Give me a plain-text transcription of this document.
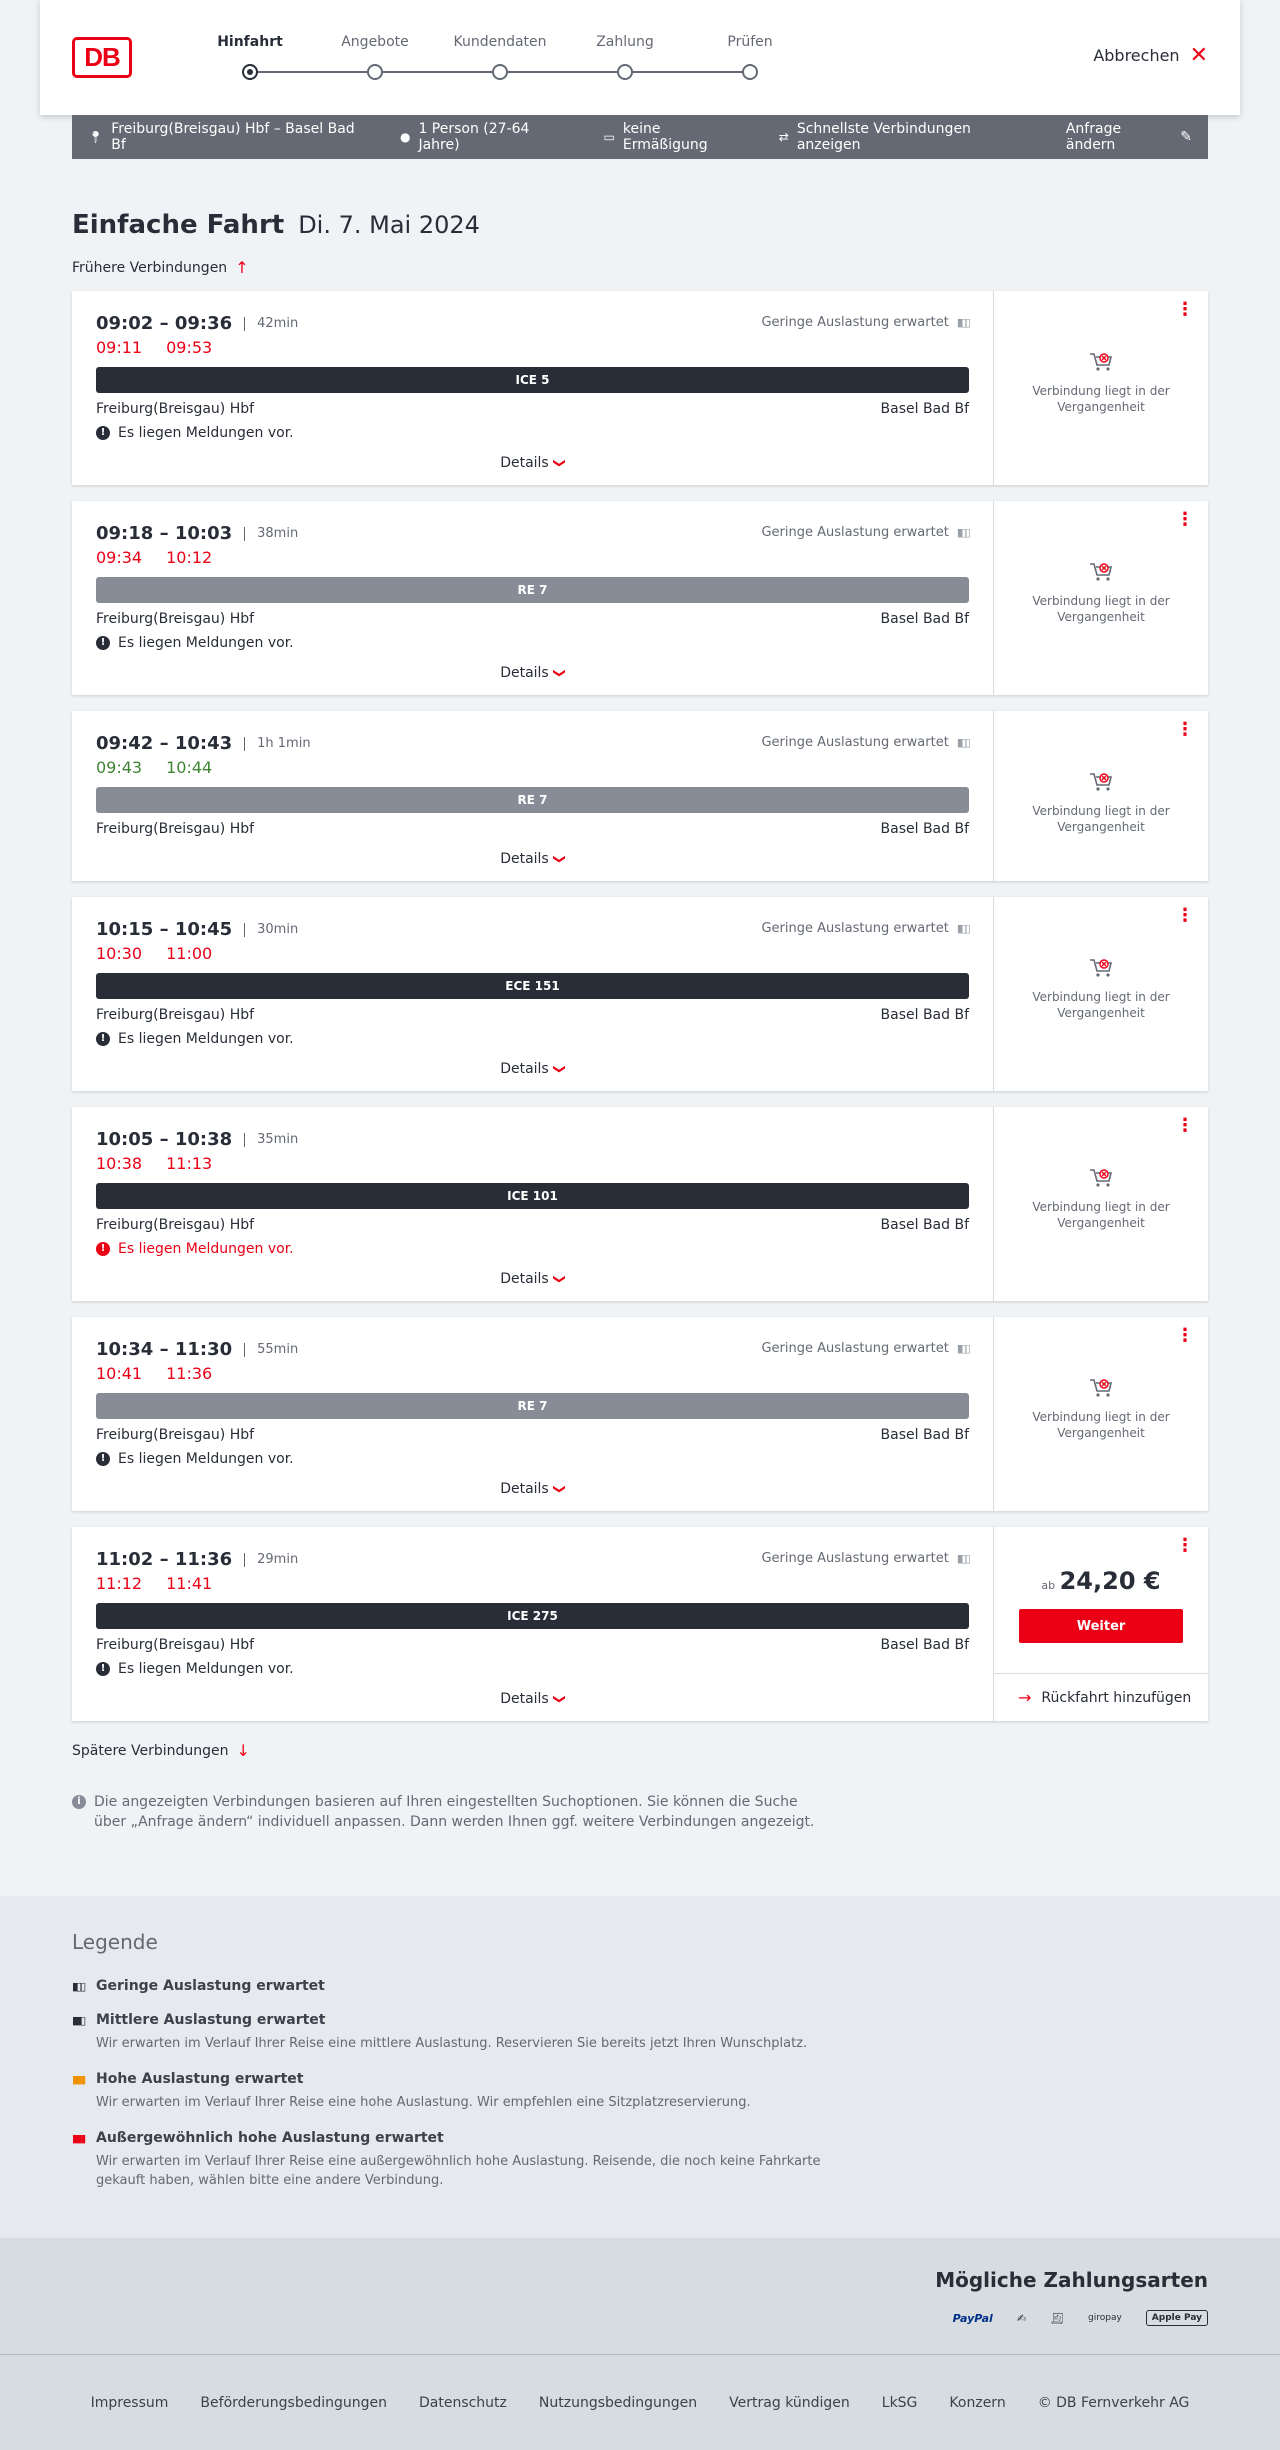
DB	Hinfahrt	Angebote	Kundendaten	Zahlung	Prüfen
Abbrechen ✕
📍︎ Freiburg(Breisgau) Hbf – Basel Bad Bf	● 1 Person (27-64 Jahre)	▭ keine Ermäßigung	⇄ Schnellste Verbindungen anzeigen
Anfrage ändern	✎
Einfache Fahrt Di. 7. Mai 2024
Frühere Verbindungen ↑
09:02 – 09:36	42min	Geringe Auslastung erwartet ▮▯▯
09:11 09:53
ICE 5
Freiburg(Breisgau) Hbf	Basel Bad Bf
! Es liegen Meldungen vor.
Details ❯
⋮
Verbindung liegt in der Vergangenheit
09:18 – 10:03	38min	Geringe Auslastung erwartet ▮▯▯
09:34 10:12
RE 7
Freiburg(Breisgau) Hbf	Basel Bad Bf
! Es liegen Meldungen vor.
Details ❯
⋮
Verbindung liegt in der Vergangenheit
09:42 – 10:43	1h 1min	Geringe Auslastung erwartet ▮▯▯
09:43 10:44
RE 7
Freiburg(Breisgau) Hbf	Basel Bad Bf
Details ❯
⋮
Verbindung liegt in der Vergangenheit
10:15 – 10:45	30min	Geringe Auslastung erwartet ▮▯▯
10:30 11:00
ECE 151
Freiburg(Breisgau) Hbf	Basel Bad Bf
! Es liegen Meldungen vor.
Details ❯
⋮
Verbindung liegt in der Vergangenheit
10:05 – 10:38	35min
10:38 11:13
ICE 101
Freiburg(Breisgau) Hbf	Basel Bad Bf
! Es liegen Meldungen vor.
Details ❯
⋮
Verbindung liegt in der Vergangenheit
10:34 – 11:30	55min	Geringe Auslastung erwartet ▮▯▯
10:41 11:36
RE 7
Freiburg(Breisgau) Hbf	Basel Bad Bf
! Es liegen Meldungen vor.
Details ❯
⋮
Verbindung liegt in der Vergangenheit
11:02 – 11:36	29min	Geringe Auslastung erwartet ▮▯▯
11:12 11:41
ICE 275
Freiburg(Breisgau) Hbf	Basel Bad Bf
! Es liegen Meldungen vor.
Details ❯
⋮
ab 24,20 €
Weiter
→ Rückfahrt hinzufügen
Spätere Verbindungen ↓
i Die angezeigten Verbindungen basieren auf Ihren eingestellten Suchoptionen. Sie können die Suche über „Anfrage ändern“ individuell anpassen. Dann werden Ihnen ggf. weitere Verbindungen angezeigt.
Legende
▮▯▯ Geringe Auslastung erwartet
▮▮▯ Mittlere Auslastung erwartet
Wir erwarten im Verlauf Ihrer Reise eine mittlere Auslastung. Reservieren Sie bereits jetzt Ihren Wunschplatz.
▮▮▮ Hohe Auslastung erwartet
Wir erwarten im Verlauf Ihrer Reise eine hohe Auslastung. Wir empfehlen eine Sitzplatzreservierung.
▮▮▮ Außergewöhnlich hohe Auslastung erwartet
Wir erwarten im Verlauf Ihrer Reise eine außergewöhnlich hohe Auslastung. Reisende, die noch keine Fahrkarte gekauft haben, wählen bitte eine andere Verbindung.
Mögliche Zahlungsarten
PayPal ✍ 🧾︎	giropay	Apple Pay
Impressum Beförderungsbedingungen Datenschutz Nutzungsbedingungen Vertrag kündigen LkSG Konzern © DB Fernverkehr AG
